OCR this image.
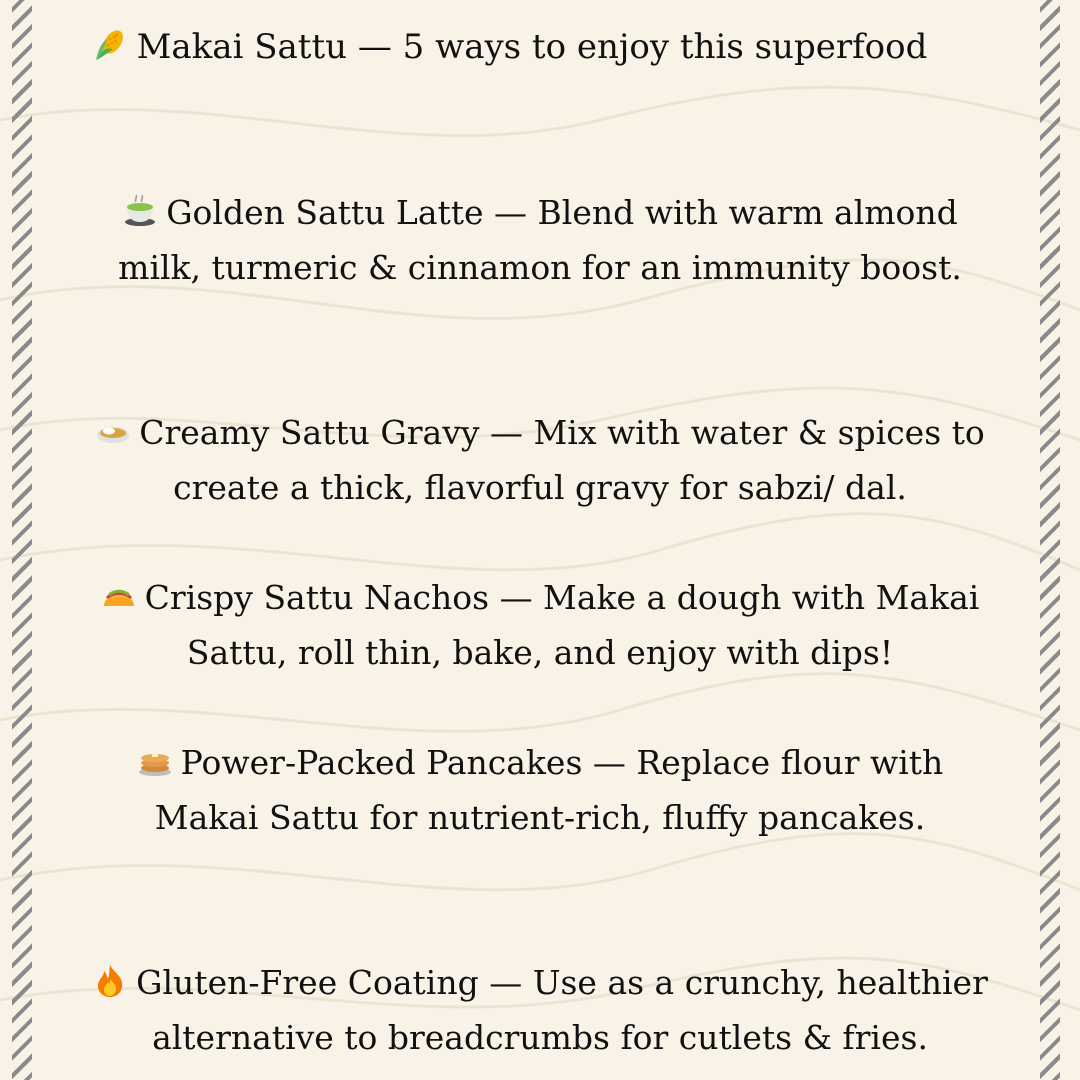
Makai Sattu — 5 ways to enjoy this superfood
Golden Sattu Latte — Blend with warm almond
milk, turmeric & cinnamon for an immunity boost.
Creamy Sattu Gravy — Mix with water & spices to
create a thick, flavorful gravy for sabzi/ dal.
Crispy Sattu Nachos — Make a dough with Makai
Sattu, roll thin, bake, and enjoy with dips!
Power-Packed Pancakes — Replace flour with
Makai Sattu for nutrient-rich, fluffy pancakes.
Gluten-Free Coating — Use as a crunchy, healthier
alternative to breadcrumbs for cutlets & fries.
